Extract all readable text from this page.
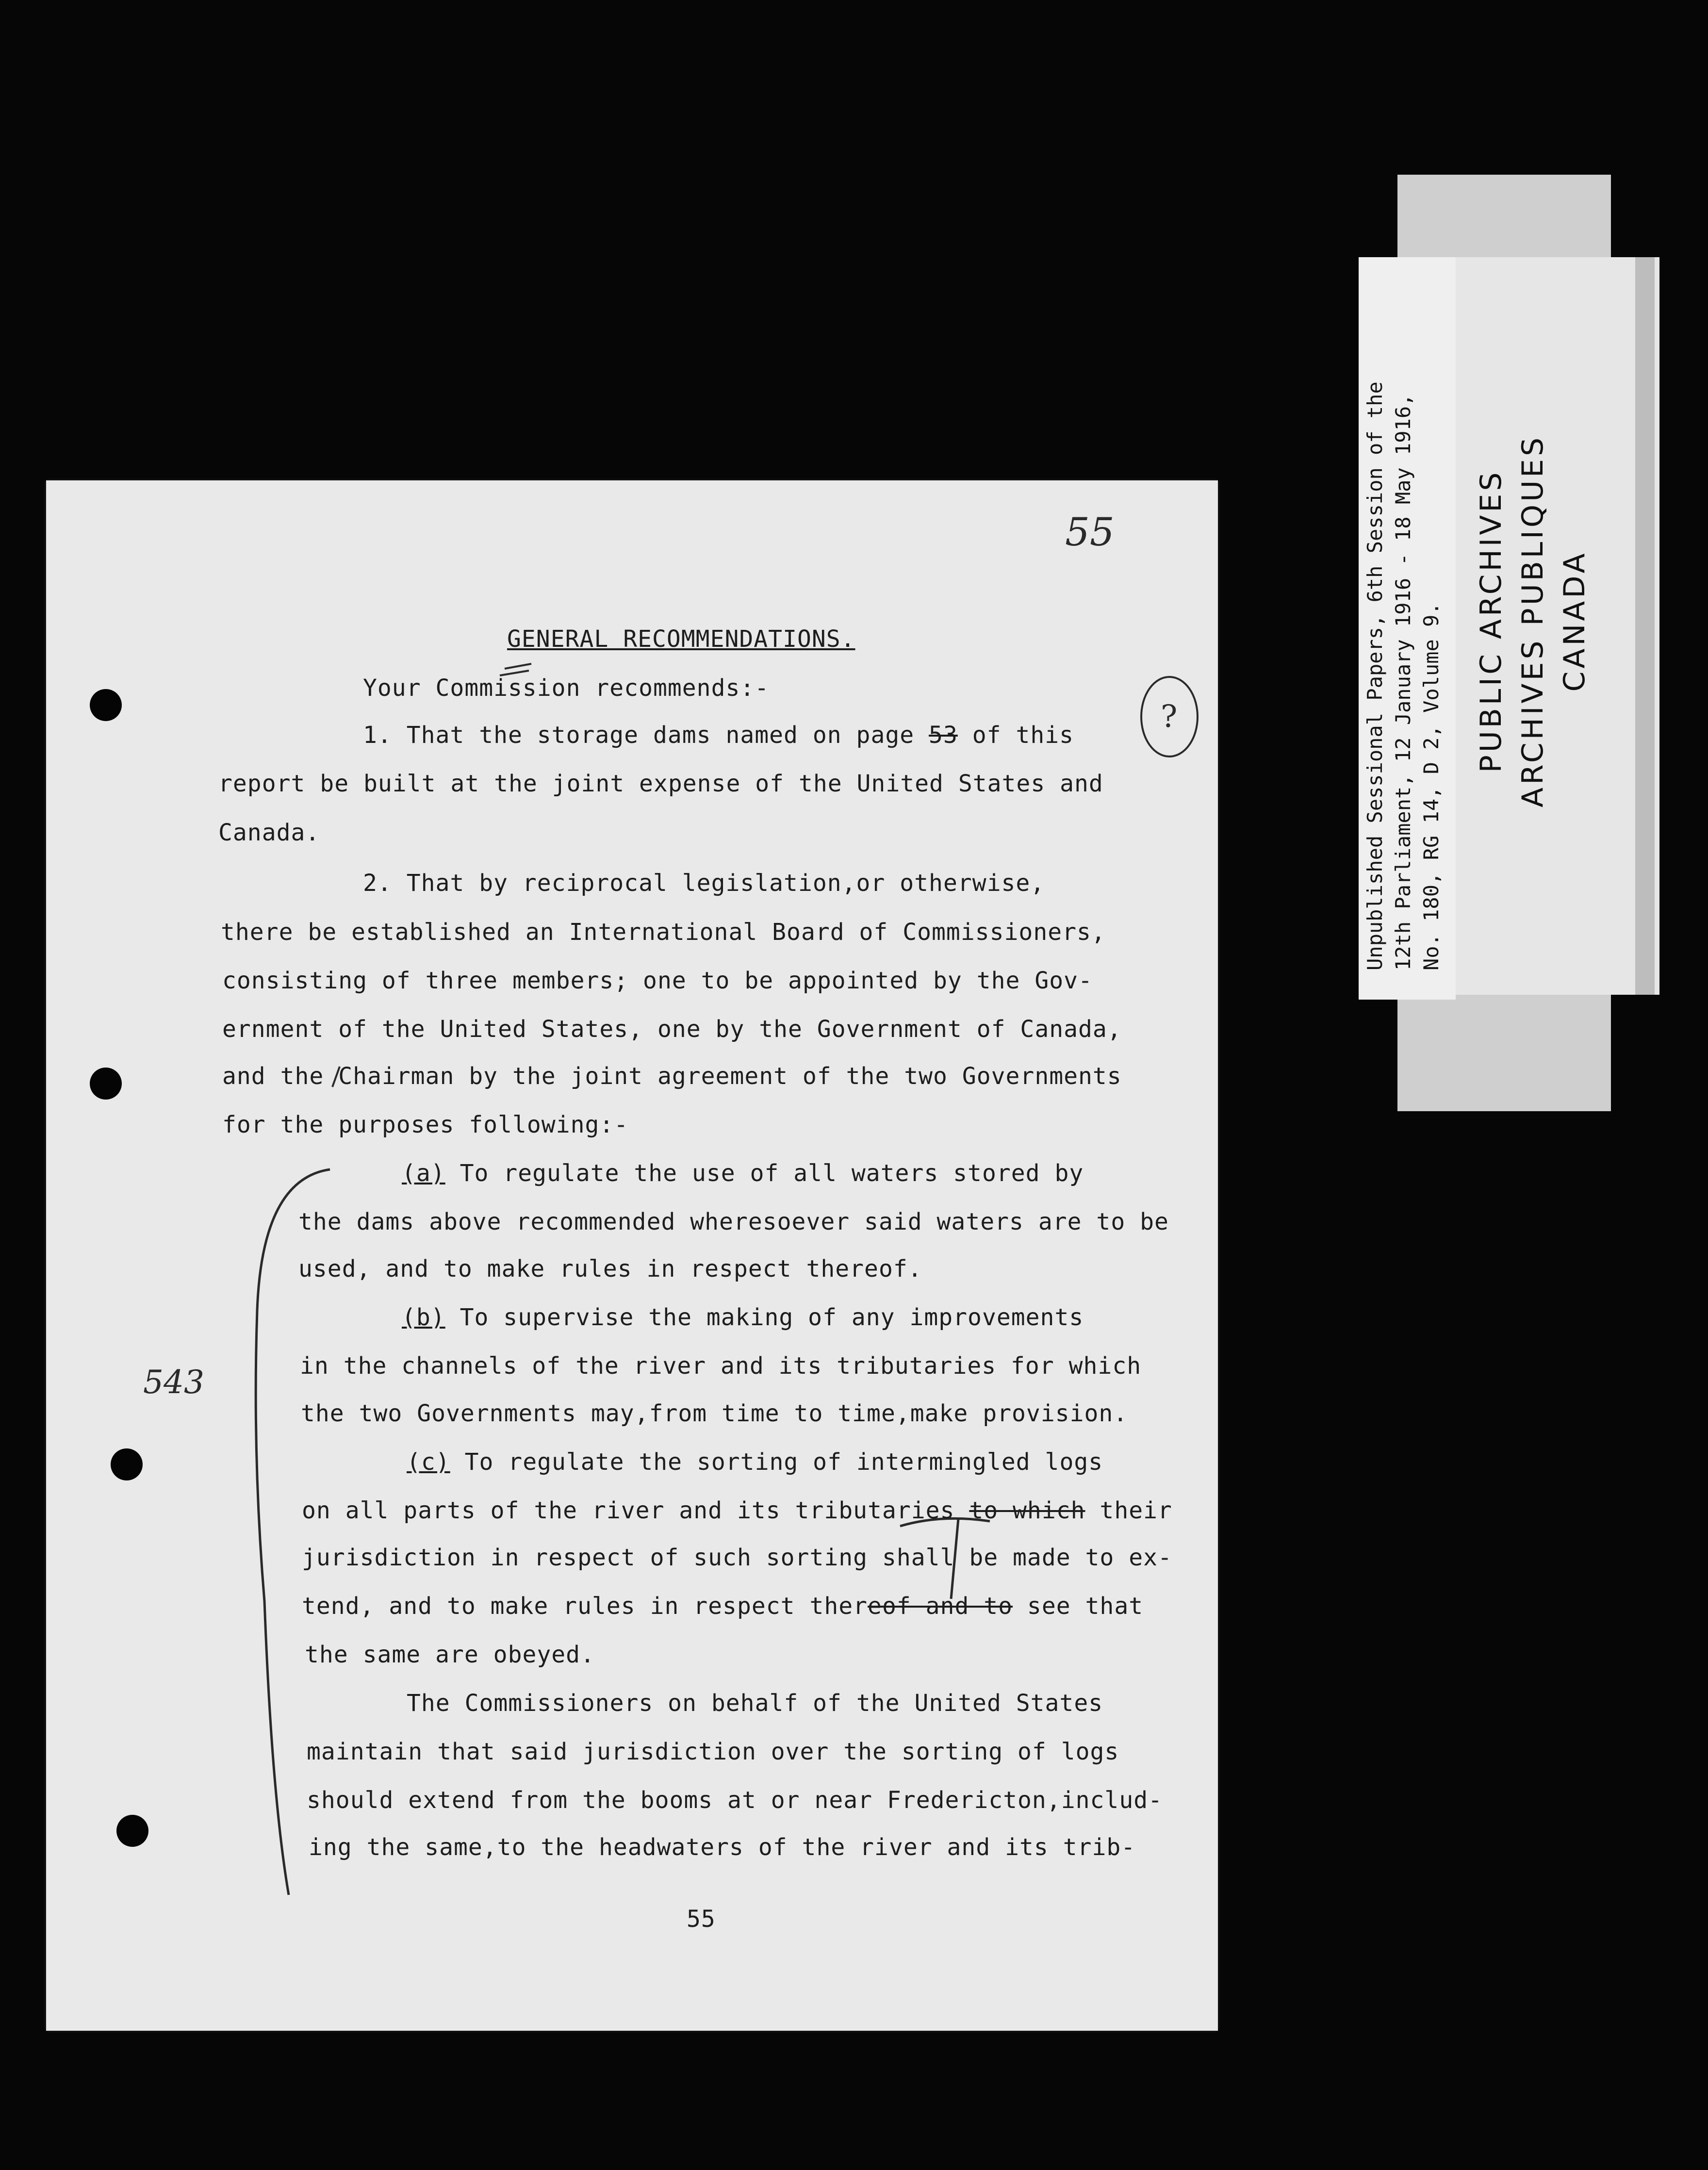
Unpublished Sessional Papers, 6th Session of the 12th Parliament, 12 January 1916 - 18 May 1916, No. 180, RG 14, D 2, Volume 9. PUBLIC ARCHIVES ARCHIVES PUBLIQUES CANADA
55
?
543
GENERAL RECOMMENDATIONS.
Your Commission recommends:-
1. That the storage dams named on page 53 of this
report be built at the joint expense of the United States and
Canada.
2. That by reciprocal legislation,or otherwise,
there be established an International Board of Commissioners,
consisting of three members; one to be appointed by the Gov-
ernment of the United States, one by the Government of Canada,
and the Chairman by the joint agreement of the two Governments
for the purposes following:-
(a) To regulate the use of all waters stored by
the dams above recommended wheresoever said waters are to be
used, and to make rules in respect thereof.
(b) To supervise the making of any improvements
in the channels of the river and its tributaries for which
the two Governments may,from time to time,make provision.
(c) To regulate the sorting of intermingled logs
on all parts of the river and its tributaries to which their
jurisdiction in respect of such sorting shall be made to ex-
tend, and to make rules in respect thereof and to see that
the same are obeyed.
The Commissioners on behalf of the United States
maintain that said jurisdiction over the sorting of logs
should extend from the booms at or near Fredericton,includ-
ing the same,to the headwaters of the river and its trib-
55
